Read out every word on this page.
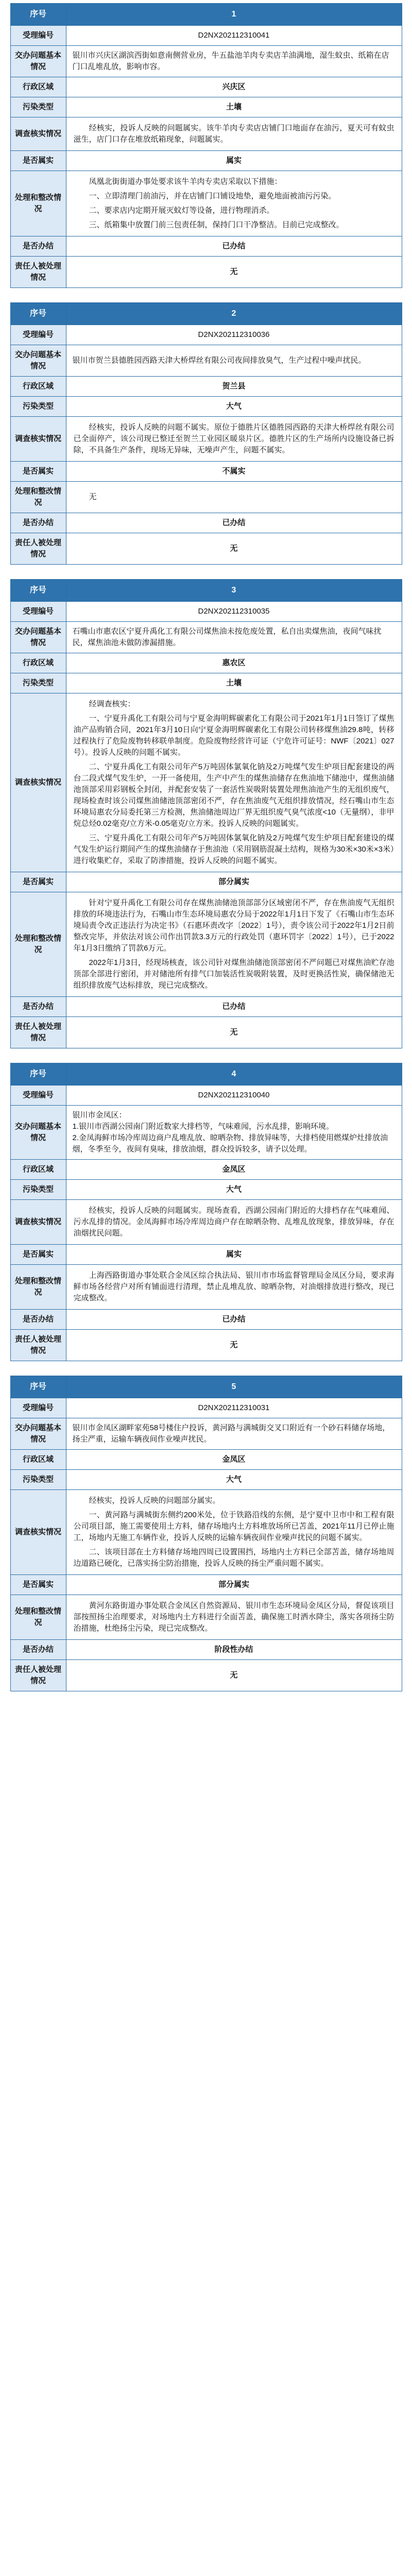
序号	1
受理编号	D2NX202112310041
交办问题基本情况	银川市兴庆区湖滨西街如意南侧营业房，牛五盐池羊肉专卖店羊油满地，湿生蚊虫、纸箱在店门口乱堆乱放，影响市容。
行政区域	兴庆区
污染类型	土壤
调查核实情况	经核实，投诉人反映的问题属实。该牛羊肉专卖店店铺门口地面存在油污，夏天可有蚊虫滋生，店门口存在堆放纸箱现象，问题属实。

是否属实	属实
处理和整改情况	凤凰北街街道办事处要求该牛羊肉专卖店采取以下措施：

一、立即清理门前油污，并在店铺门口铺设地垫，避免地面被油污污染。

二、要求店内定期开展灭蚊灯等设备，进行物理消杀。

三、纸箱集中放置门前三包责任制，保持门口干净整洁。目前已完成整改。

是否办结	已办结
责任人被处理情况	无
序号	2
受理编号	D2NX202112310036
交办问题基本情况	银川市贺兰县德胜园西路天津大桥焊丝有限公司夜间排放臭气，生产过程中噪声扰民。
行政区域	贺兰县
污染类型	大气
调查核实情况	经核实，投诉人反映的问题不属实。原位于德胜片区德胜园西路的天津大桥焊丝有限公司已全面停产，该公司现已整迁至贺兰工业园区暖泉片区。德胜片区的生产场所内设施设备已拆除，不具备生产条件，现场无异味，无噪声产生，问题不属实。

是否属实	不属实
处理和整改情况	无

是否办结	已办结
责任人被处理情况	无
序号	3
受理编号	D2NX202112310035
交办问题基本情况	石嘴山市惠农区宁夏升禹化工有限公司煤焦油未按危废处置，私自出卖煤焦油，夜间气味扰民，煤焦油池未做防渗漏措施。
行政区域	惠农区
污染类型	土壤
调查核实情况	经调查核实：

一、宁夏升禹化工有限公司与宁夏金海明辉碳素化工有限公司于2021年1月1日签订了煤焦油产品购销合同，2021年3月10日向宁夏金海明辉碳素化工有限公司转移煤焦油29.8吨，转移过程执行了危险废物转移联单制度。危险废物经营许可证（宁危许可证号：NWF〔2021〕027号）。投诉人反映的问题不属实。

二、宁夏升禹化工有限公司年产5万吨固体氯氧化钠及2万吨煤气发生炉项目配套建设的两台二段式煤气发生炉，一开一备使用，生产中产生的煤焦油储存在焦油地下储池中，煤焦油储池顶部采用彩钢板全封闭，并配套安装了一套活性炭吸附装置处理焦油池产生的无组织废气，现场检查时该公司煤焦油储池顶部密闭不严，存在焦油废气无组织排放情况，经石嘴山市生态环境局惠农分局委托第三方检测，焦油储池周边厂界无组织废气臭气浓度<10（无量纲），非甲烷总烃0.02毫克/立方米-0.05毫克/立方米。投诉人反映的问题属实。

三、宁夏升禹化工有限公司年产5万吨固体氯氧化钠及2万吨煤气发生炉项目配套建设的煤气发生炉运行期间产生的煤焦油储存于焦油池（采用钢筋混凝土结构，规格为30米×30米×3米）进行收集贮存，采取了防渗措施，投诉人反映的问题不属实。

是否属实	部分属实
处理和整改情况	针对宁夏升禹化工有限公司存在煤焦油储池顶部部分区域密闭不严，存在焦油废气无组织排放的环境违法行为，石嘴山市生态环境局惠农分局于2022年1月1日下发了《石嘴山市生态环境局责令改正违法行为决定书》（石惠环责改字〔2022〕1号），责令该公司于2022年1月2日前整改完毕，并依法对该公司作出罚款3.3万元的行政处罚（惠环罚字〔2022〕1号），已于2022年1月3日缴纳了罚款6万元。

2022年1月3日，经现场核查，该公司针对煤焦油储池顶部密闭不严问题已对煤焦油贮存池顶部全部进行密闭，并对储池所有排气口加装活性炭吸附装置，及时更换活性炭，确保储池无组织排放废气达标排放，现已完成整改。

是否办结	已办结
责任人被处理情况	无
序号	4
受理编号	D2NX202112310040
交办问题基本情况	银川市金凤区：
1.银川市西湖公园南门附近数家大排档等，气味难闻，污水乱排，影响环境。
2.金凤海鲜市场冷库周边商户乱堆乱放、晾晒杂物、排放异味等，大排档使用燃煤炉灶排放油烟，冬季至今，夜间有臭味，排放油烟，群众投诉较多，请予以处理。
行政区域	金凤区
污染类型	大气
调查核实情况	经核实，投诉人反映的问题属实。现场查看，西湖公园南门附近的大排档存在气味难闻、污水乱排的情况。金凤海鲜市场冷库周边商户存在晾晒杂物、乱堆乱放现象，排放异味，存在油烟扰民问题。

是否属实	属实
处理和整改情况	上海西路街道办事处联合金凤区综合执法局、银川市市场监督管理局金凤区分局，要求海鲜市场各经营户对所有铺面进行清理，禁止乱堆乱放、晾晒杂物，对油烟排放进行整改，现已完成整改。

是否办结	已办结
责任人被处理情况	无
序号	5
受理编号	D2NX202112310031
交办问题基本情况	银川市金凤区湖畔家苑58号楼住户投诉，黄河路与满城街交叉口附近有一个砂石料储存场地，扬尘严重，运输车辆夜间作业噪声扰民。
行政区域	金凤区
污染类型	大气
调查核实情况	经核实，投诉人反映的问题部分属实。

一、黄河路与满城街东侧约200米处，位于铁路沿线的东侧，是宁夏中卫市中和工程有限公司项目部，施工需要使用土方料，储存场地内土方料堆放场所已苫盖，2021年11月已停止施工，场地内无施工车辆作业，投诉人反映的运输车辆夜间作业噪声扰民的问题不属实。

二、该项目部在土方料储存场地四周已设置围挡，场地内土方料已全部苫盖，储存场地周边道路已硬化，已落实扬尘防治措施，投诉人反映的扬尘严重问题不属实。

是否属实	部分属实
处理和整改情况	黄河东路街道办事处联合金凤区自然资源局、银川市生态环境局金凤区分局，督促该项目部按照扬尘治理要求，对场地内土方料进行全面苫盖，确保施工时洒水降尘，落实各项扬尘防治措施，杜绝扬尘污染，现已完成整改。

是否办结	阶段性办结
责任人被处理情况	无
